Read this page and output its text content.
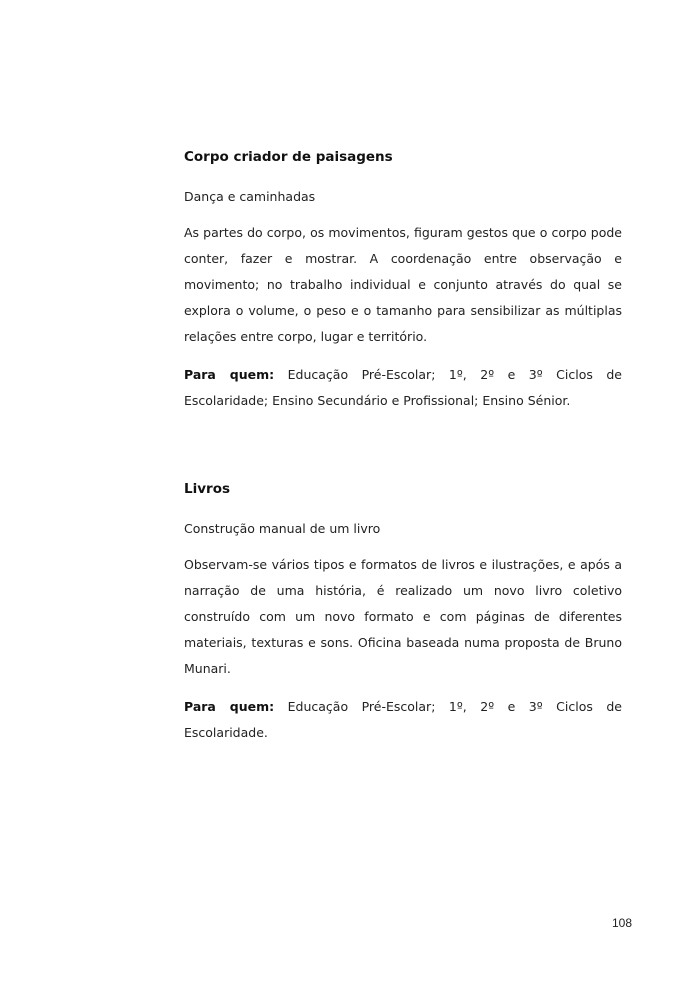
Corpo criador de paisagens

Dança e caminhadas

As partes do corpo, os movimentos, figuram gestos que o corpo pode conter, fazer e mostrar. A coordenação entre observação e movimento; no trabalho individual e conjunto através do qual se explora o volume, o peso e o tamanho para sensibilizar as múltiplas relações entre corpo, lugar e território.

Para quem: Educação Pré-Escolar; 1º, 2º e 3º Ciclos de Escolaridade; Ensino Secundário e Profissional; Ensino Sénior.

Livros

Construção manual de um livro

Observam-se vários tipos e formatos de livros e ilustrações, e após a narração de uma história, é realizado um novo livro coletivo construído com um novo formato e com páginas de diferentes materiais, texturas e sons. Oficina baseada numa proposta de Bruno Munari.

Para quem: Educação Pré-Escolar; 1º, 2º e 3º Ciclos de Escolaridade.

108
